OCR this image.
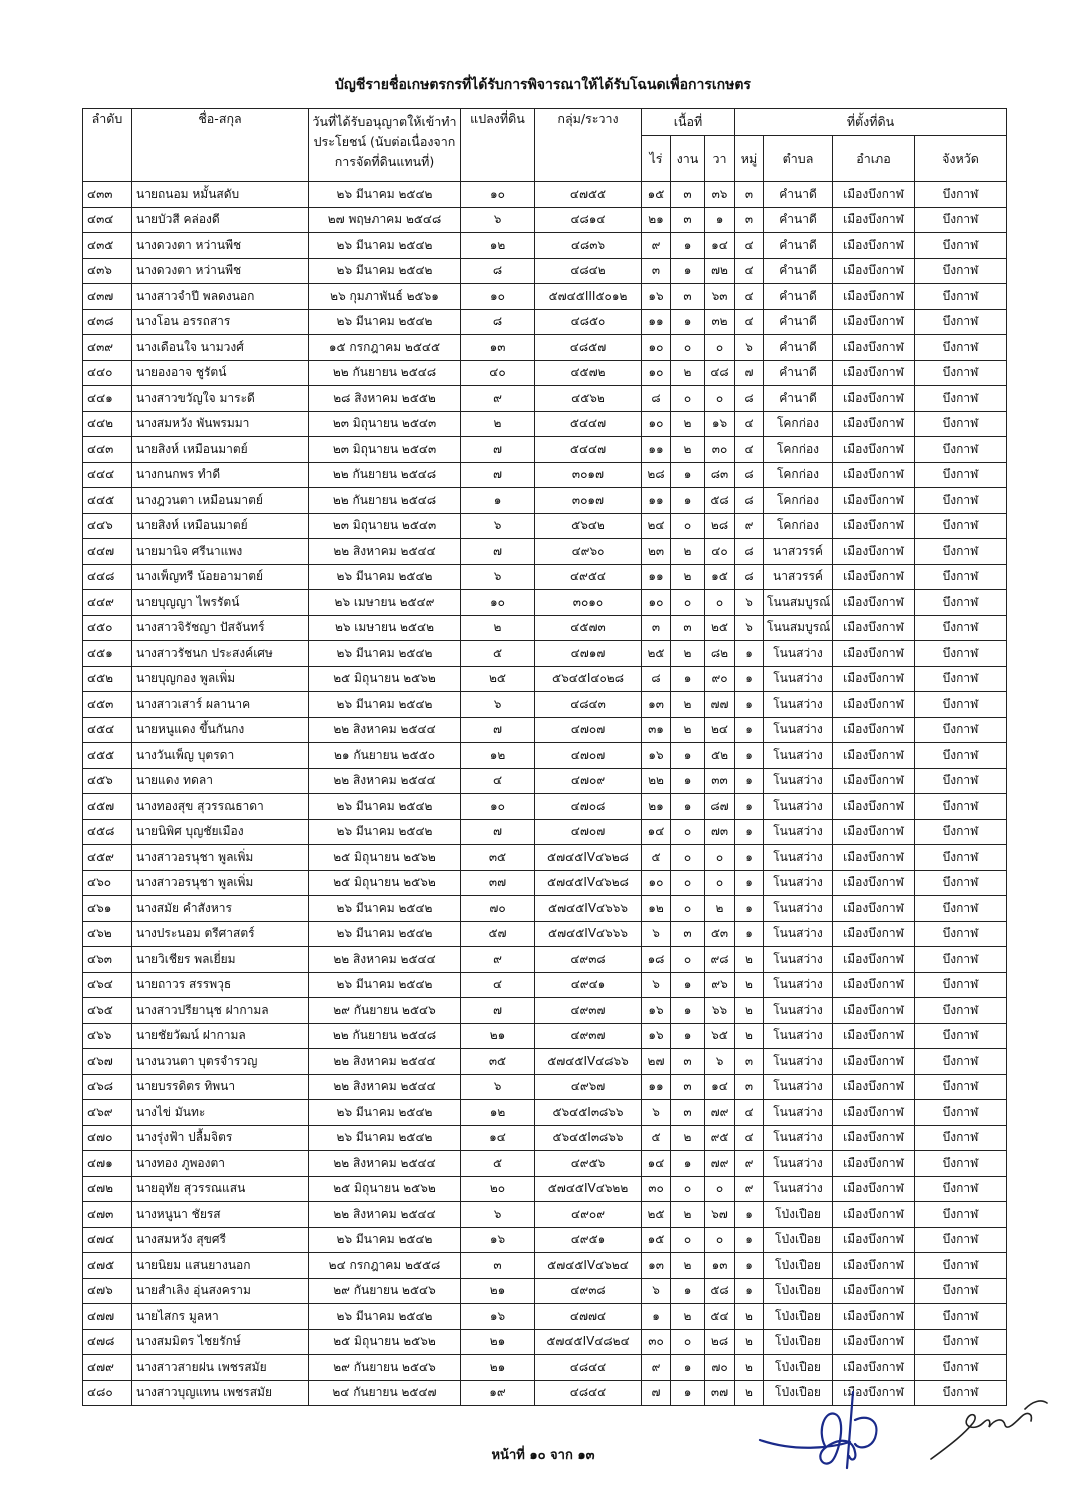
บัญชีรายชื่อเกษตรกรที่ได้รับการพิจารณาให้ได้รับโฉนดเพื่อการเกษตร
ลำดับ	ชื่อ-สกุล	วันที่ได้รับอนุญาตให้เข้าทำประโยชน์ (นับต่อเนื่องจากการจัดที่ดินแทนที่)	แปลงที่ดิน	กลุ่ม/ระวาง	เนื้อที่			ที่ตั้งที่ดิน			
					ไร่	งาน	วา	หมู่	ตำบล	อำเภอ	จังหวัด
๔๓๓	นายถนอม หมั้นสดับ	๒๖ มีนาคม ๒๕๔๒	๑๐	๔๗๕๕	๑๕	๓	๓๖	๓	คำนาดี	เมืองบึงกาฬ	บึงกาฬ
๔๓๔	นายบัวสี คล่องดี	๒๗ พฤษภาคม ๒๕๔๘	๖	๔๘๑๔	๒๑	๓	๑	๓	คำนาดี	เมืองบึงกาฬ	บึงกาฬ
๔๓๕	นางดวงตา หว่านพืช	๒๖ มีนาคม ๒๕๔๒	๑๒	๔๘๓๖	๙	๑	๑๔	๔	คำนาดี	เมืองบึงกาฬ	บึงกาฬ
๔๓๖	นางดวงตา หว่านพืช	๒๖ มีนาคม ๒๕๔๒	๘	๔๘๔๒	๓	๑	๗๒	๔	คำนาดี	เมืองบึงกาฬ	บึงกาฬ
๔๓๗	นางสาวจำปี พลดงนอก	๒๖ กุมภาพันธ์ ๒๕๖๑	๑๐	๕๗๔๕III๕๐๑๒	๑๖	๓	๖๓	๔	คำนาดี	เมืองบึงกาฬ	บึงกาฬ
๔๓๘	นางโอน อรรถสาร	๒๖ มีนาคม ๒๕๔๒	๘	๔๘๕๐	๑๑	๑	๓๒	๔	คำนาดี	เมืองบึงกาฬ	บึงกาฬ
๔๓๙	นางเดือนใจ นามวงศ์	๑๕ กรกฎาคม ๒๕๔๕	๑๓	๔๘๕๗	๑๐	๐	๐	๖	คำนาดี	เมืองบึงกาฬ	บึงกาฬ
๔๔๐	นายองอาจ ชูรัตน์	๒๒ กันยายน ๒๕๔๘	๔๐	๔๕๗๒	๑๐	๒	๔๘	๗	คำนาดี	เมืองบึงกาฬ	บึงกาฬ
๔๔๑	นางสาวขวัญใจ มาระดี	๒๘ สิงหาคม ๒๕๕๒	๙	๔๕๖๒	๘	๐	๐	๘	คำนาดี	เมืองบึงกาฬ	บึงกาฬ
๔๔๒	นางสมหวัง พันพรมมา	๒๓ มิถุนายน ๒๕๔๓	๒	๕๔๔๗	๑๐	๒	๑๖	๔	โคกก่อง	เมืองบึงกาฬ	บึงกาฬ
๔๔๓	นายสิงห์ เหมือนมาตย์	๒๓ มิถุนายน ๒๕๔๓	๗	๕๔๔๗	๑๑	๒	๓๐	๔	โคกก่อง	เมืองบึงกาฬ	บึงกาฬ
๔๔๔	นางกนกพร ทำดี	๒๒ กันยายน ๒๕๔๘	๗	๓๐๑๗	๒๘	๑	๘๓	๘	โคกก่อง	เมืองบึงกาฬ	บึงกาฬ
๔๔๕	นางฎวนตา เหมือนมาตย์	๒๒ กันยายน ๒๕๔๘	๑	๓๐๑๗	๑๑	๑	๕๘	๘	โคกก่อง	เมืองบึงกาฬ	บึงกาฬ
๔๔๖	นายสิงห์ เหมือนมาตย์	๒๓ มิถุนายน ๒๕๔๓	๖	๕๖๔๒	๒๔	๐	๒๘	๙	โคกก่อง	เมืองบึงกาฬ	บึงกาฬ
๔๔๗	นายมานิจ ศรีนาแพง	๒๒ สิงหาคม ๒๕๔๔	๗	๔๙๖๐	๒๓	๒	๔๐	๘	นาสวรรค์	เมืองบึงกาฬ	บึงกาฬ
๔๔๘	นางเพ็ญทรี น้อยอามาตย์	๒๖ มีนาคม ๒๕๔๒	๖	๔๙๕๔	๑๑	๒	๑๕	๘	นาสวรรค์	เมืองบึงกาฬ	บึงกาฬ
๔๔๙	นายบุญญา ไพรรัตน์	๒๖ เมษายน ๒๕๔๙	๑๐	๓๐๑๐	๑๐	๐	๐	๖	โนนสมบูรณ์	เมืองบึงกาฬ	บึงกาฬ
๔๕๐	นางสาวจิรัชญา ปัสจันทร์	๒๖ เมษายน ๒๕๔๒	๒	๔๕๗๓	๓	๓	๒๕	๖	โนนสมบูรณ์	เมืองบึงกาฬ	บึงกาฬ
๔๕๑	นางสาวรัชนก ประสงค์เศษ	๒๖ มีนาคม ๒๕๔๒	๕	๔๗๑๗	๒๕	๒	๘๒	๑	โนนสว่าง	เมืองบึงกาฬ	บึงกาฬ
๔๕๒	นายบุญกอง พูลเพิ่ม	๒๕ มิถุนายน ๒๕๖๒	๒๕	๕๖๔๕I๔๐๒๘	๘	๑	๙๐	๑	โนนสว่าง	เมืองบึงกาฬ	บึงกาฬ
๔๕๓	นางสาวเสาร์ ผลานาค	๒๖ มีนาคม ๒๕๔๒	๖	๔๘๔๓	๑๓	๒	๗๗	๑	โนนสว่าง	เมืองบึงกาฬ	บึงกาฬ
๔๕๔	นายหนูแดง ขึ้นกันกง	๒๒ สิงหาคม ๒๕๔๔	๗	๔๗๐๗	๓๑	๒	๒๔	๑	โนนสว่าง	เมืองบึงกาฬ	บึงกาฬ
๔๕๕	นางวันเพ็ญ บุตรดา	๒๑ กันยายน ๒๕๕๐	๑๒	๔๗๐๗	๑๖	๑	๕๒	๑	โนนสว่าง	เมืองบึงกาฬ	บึงกาฬ
๔๕๖	นายแดง ทดลา	๒๒ สิงหาคม ๒๕๔๔	๔	๔๗๐๙	๒๒	๑	๓๓	๑	โนนสว่าง	เมืองบึงกาฬ	บึงกาฬ
๔๕๗	นางทองสุข สุวรรณธาดา	๒๖ มีนาคม ๒๕๔๒	๑๐	๔๗๐๘	๒๑	๑	๘๗	๑	โนนสว่าง	เมืองบึงกาฬ	บึงกาฬ
๔๕๘	นายนิพิศ บุญชัยเมือง	๒๖ มีนาคม ๒๕๔๒	๗	๔๗๐๗	๑๔	๐	๗๓	๑	โนนสว่าง	เมืองบึงกาฬ	บึงกาฬ
๔๕๙	นางสาวอรนุชา พูลเพิ่ม	๒๕ มิถุนายน ๒๕๖๒	๓๕	๕๗๔๕IV๔๖๒๘	๕	๐	๐	๑	โนนสว่าง	เมืองบึงกาฬ	บึงกาฬ
๔๖๐	นางสาวอรนุชา พูลเพิ่ม	๒๕ มิถุนายน ๒๕๖๒	๓๗	๕๗๔๕IV๔๖๒๘	๑๐	๐	๐	๑	โนนสว่าง	เมืองบึงกาฬ	บึงกาฬ
๔๖๑	นางสมัย คำสังหาร	๒๖ มีนาคม ๒๕๔๒	๗๐	๕๗๔๕IV๔๖๖๖	๑๒	๐	๒	๑	โนนสว่าง	เมืองบึงกาฬ	บึงกาฬ
๔๖๒	นางประนอม ตรีศาสตร์	๒๖ มีนาคม ๒๕๔๒	๕๗	๕๗๔๕IV๔๖๖๖	๖	๓	๕๓	๑	โนนสว่าง	เมืองบึงกาฬ	บึงกาฬ
๔๖๓	นายวิเชียร พลเยี่ยม	๒๒ สิงหาคม ๒๕๔๔	๙	๔๙๓๘	๑๘	๐	๙๘	๒	โนนสว่าง	เมืองบึงกาฬ	บึงกาฬ
๔๖๔	นายถาวร สรรพวุธ	๒๖ มีนาคม ๒๕๔๒	๔	๔๙๔๑	๖	๑	๙๖	๒	โนนสว่าง	เมืองบึงกาฬ	บึงกาฬ
๔๖๕	นางสาวปรียานุช ฝากามล	๒๙ กันยายน ๒๕๔๖	๗	๔๙๓๗	๑๖	๑	๖๖	๒	โนนสว่าง	เมืองบึงกาฬ	บึงกาฬ
๔๖๖	นายชัยวัฒน์ ฝากามล	๒๒ กันยายน ๒๕๔๘	๒๑	๔๙๓๗	๑๖	๑	๖๕	๒	โนนสว่าง	เมืองบึงกาฬ	บึงกาฬ
๔๖๗	นางนวนตา บุตรจำรวญ	๒๒ สิงหาคม ๒๕๔๔	๓๕	๕๗๔๕IV๔๘๖๖	๒๗	๓	๖	๓	โนนสว่าง	เมืองบึงกาฬ	บึงกาฬ
๔๖๘	นายบรรดิตร ทิพนา	๒๒ สิงหาคม ๒๕๔๔	๖	๔๙๖๗	๑๑	๓	๑๔	๓	โนนสว่าง	เมืองบึงกาฬ	บึงกาฬ
๔๖๙	นางไข่ มันทะ	๒๖ มีนาคม ๒๕๔๒	๑๒	๕๖๔๕I๓๘๖๖	๖	๓	๗๙	๔	โนนสว่าง	เมืองบึงกาฬ	บึงกาฬ
๔๗๐	นางรุ่งฟ้า ปลื้มจิตร	๒๖ มีนาคม ๒๕๔๒	๑๔	๕๖๔๕I๓๘๖๖	๕	๒	๙๕	๔	โนนสว่าง	เมืองบึงกาฬ	บึงกาฬ
๔๗๑	นางทอง ภูพองตา	๒๒ สิงหาคม ๒๕๔๔	๕	๔๙๕๖	๑๔	๑	๗๙	๙	โนนสว่าง	เมืองบึงกาฬ	บึงกาฬ
๔๗๒	นายอุทัย สุวรรณแสน	๒๕ มิถุนายน ๒๕๖๒	๒๐	๕๗๔๕IV๔๖๒๒	๓๐	๐	๐	๙	โนนสว่าง	เมืองบึงกาฬ	บึงกาฬ
๔๗๓	นางหนูนา ชัยรส	๒๒ สิงหาคม ๒๕๔๔	๖	๔๙๐๙	๒๕	๒	๖๗	๑	โป่งเปือย	เมืองบึงกาฬ	บึงกาฬ
๔๗๔	นางสมหวัง สุขศรี	๒๖ มีนาคม ๒๕๔๒	๑๖	๔๙๕๑	๑๕	๐	๐	๑	โป่งเปือย	เมืองบึงกาฬ	บึงกาฬ
๔๗๕	นายนิยม แสนยางนอก	๒๔ กรกฎาคม ๒๕๕๘	๓	๕๗๔๕IV๔๖๒๔	๑๓	๒	๑๓	๑	โป่งเปือย	เมืองบึงกาฬ	บึงกาฬ
๔๗๖	นายสำเลิง อุ่นสงคราม	๒๙ กันยายน ๒๕๔๖	๒๑	๔๙๓๘	๖	๑	๕๘	๑	โป่งเปือย	เมืองบึงกาฬ	บึงกาฬ
๔๗๗	นายไสกร มูลหา	๒๖ มีนาคม ๒๕๔๒	๑๖	๔๗๗๔	๑	๒	๕๔	๒	โป่งเปือย	เมืองบึงกาฬ	บึงกาฬ
๔๗๘	นางสมมิตร ไชยรักษ์	๒๕ มิถุนายน ๒๕๖๒	๒๑	๕๗๔๕IV๔๘๒๔	๓๐	๐	๒๘	๒	โป่งเปือย	เมืองบึงกาฬ	บึงกาฬ
๔๗๙	นางสาวสายฝน เพชรสมัย	๒๙ กันยายน ๒๕๔๖	๒๑	๔๘๔๔	๙	๑	๗๐	๒	โป่งเปือย	เมืองบึงกาฬ	บึงกาฬ
๔๘๐	นางสาวบุญแทน เพชรสมัย	๒๔ กันยายน ๒๕๔๗	๑๙	๔๘๔๔	๗	๑	๓๗	๒	โป่งเปือย	เมืองบึงกาฬ	บึงกาฬ
หน้าที่ ๑๐ จาก ๑๓
